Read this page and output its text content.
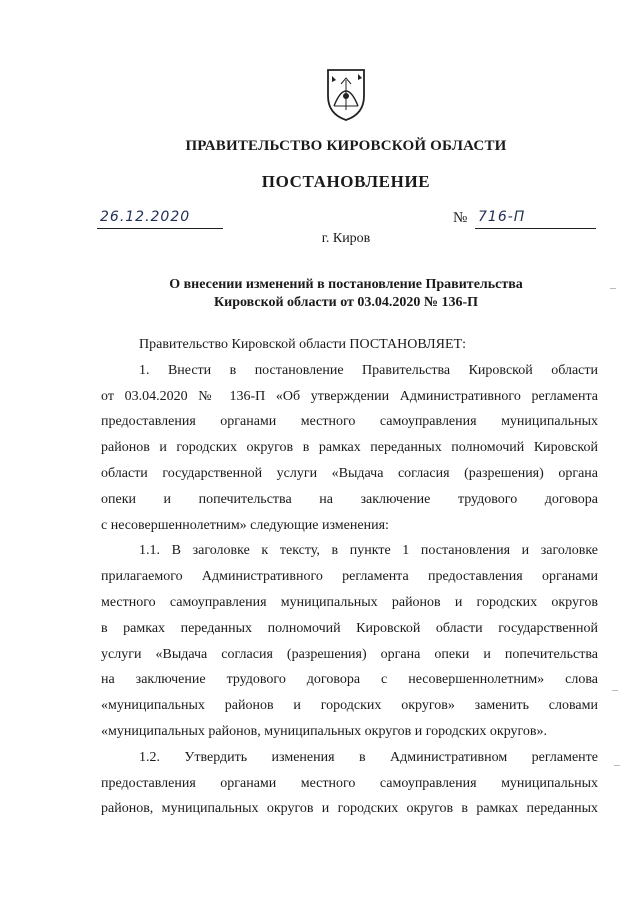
ПРАВИТЕЛЬСТВО КИРОВСКОЙ ОБЛАСТИ
ПОСТАНОВЛЕНИЕ
26.12.2020	№ 716-П
г. Киров
О внесении изменений в постановление Правительства
Кировской области от 03.04.2020 № 136-П

Правительство Кировской области ПОСТАНОВЛЯЕТ:

1. Внести в постановление Правительства Кировской области

от 03.04.2020 № 136-П «Об утверждении Административного регламента

предоставления органами местного самоуправления муниципальных

районов и городских округов в рамках переданных полномочий Кировской

области государственной услуги «Выдача согласия (разрешения) органа

опеки и попечительства на заключение трудового договора

с несовершеннолетним» следующие изменения:

1.1. В заголовке к тексту, в пункте 1 постановления и заголовке

прилагаемого Административного регламента предоставления органами

местного самоуправления муниципальных районов и городских округов

в рамках переданных полномочий Кировской области государственной

услуги «Выдача согласия (разрешения) органа опеки и попечительства

на заключение трудового договора с несовершеннолетним» слова

«муниципальных районов и городских округов» заменить словами

«муниципальных районов, муниципальных округов и городских округов».

1.2. Утвердить изменения в Административном регламенте

предоставления органами местного самоуправления муниципальных

районов, муниципальных округов и городских округов в рамках переданных
